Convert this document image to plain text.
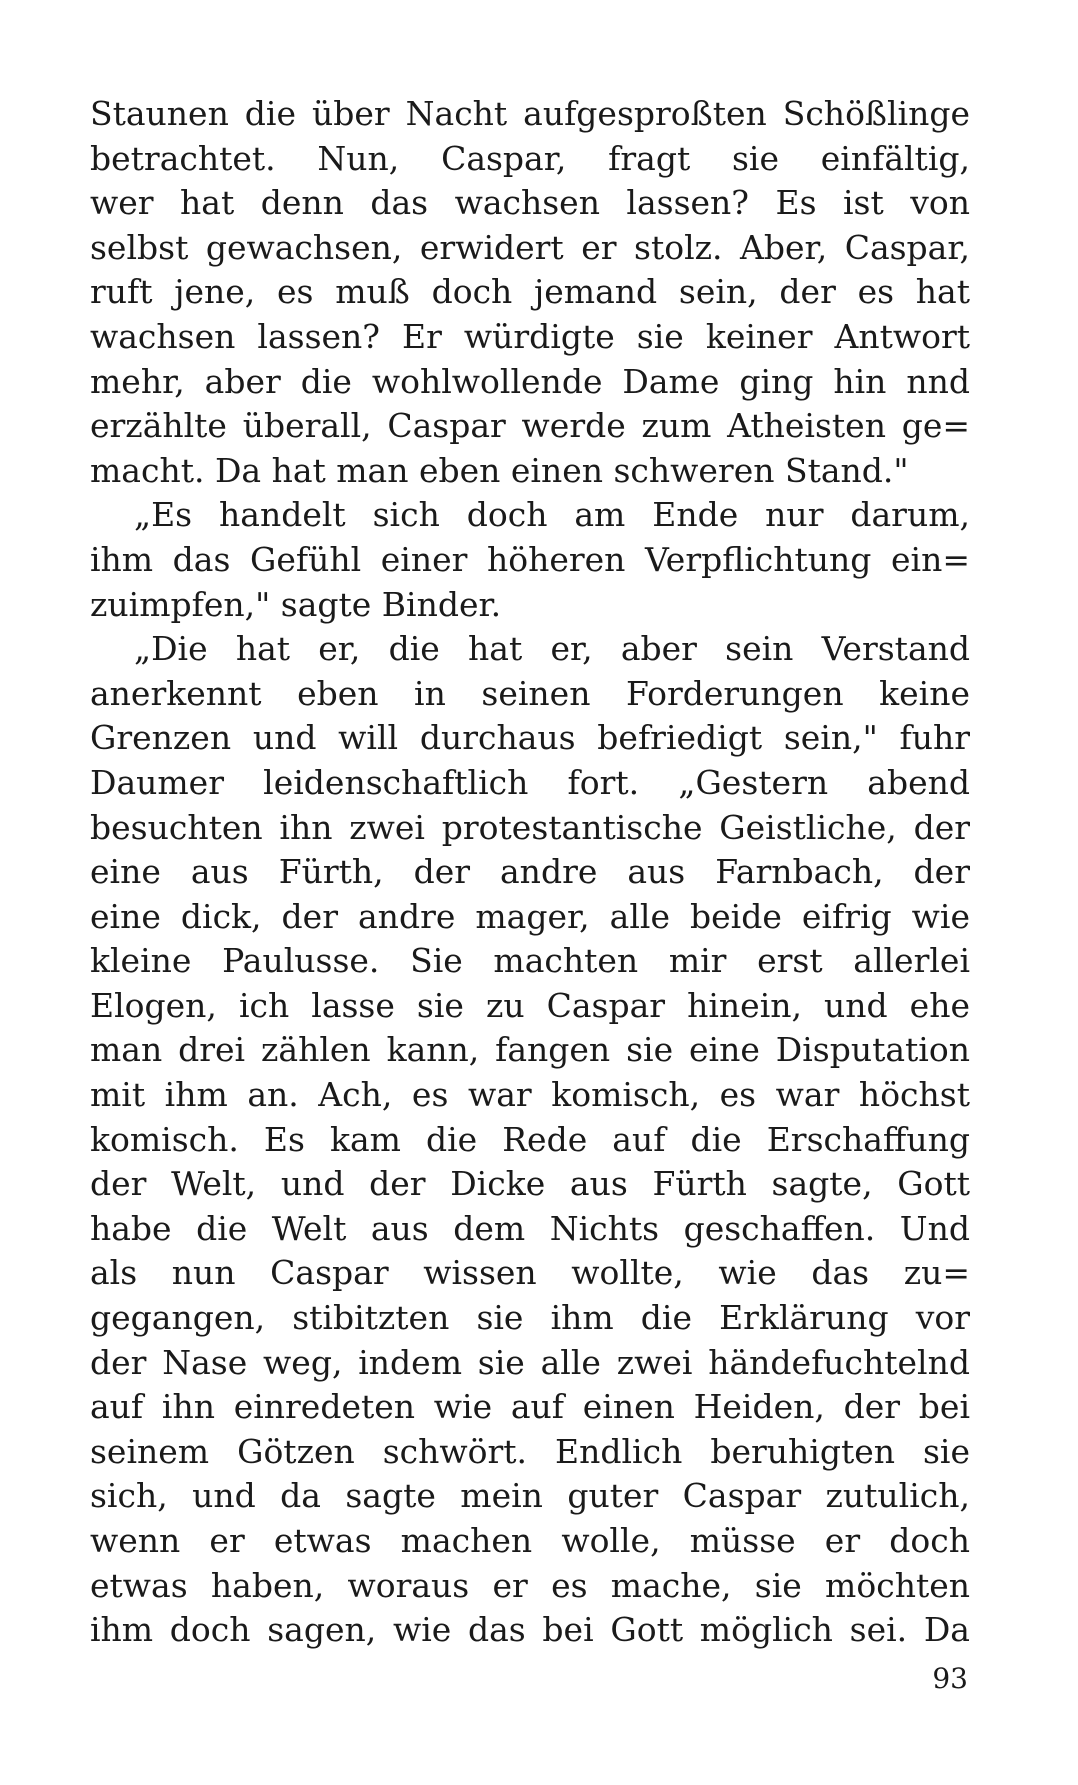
Staunen die über Nacht aufgesproßten Schößlinge
betrachtet. Nun, Caspar, fragt sie einfältig,
wer hat denn das wachsen lassen? Es ist von
selbst gewachsen, erwidert er stolz. Aber, Caspar,
ruft jene, es muß doch jemand sein, der es hat
wachsen lassen? Er würdigte sie keiner Antwort
mehr, aber die wohlwollende Dame ging hin nnd
erzählte überall, Caspar werde zum Atheisten ge=
macht. Da hat man eben einen schweren Stand."
„Es handelt sich doch am Ende nur darum,
ihm das Gefühl einer höheren Verpflichtung ein=
zuimpfen," sagte Binder.
„Die hat er, die hat er, aber sein Verstand
anerkennt eben in seinen Forderungen keine
Grenzen und will durchaus befriedigt sein," fuhr
Daumer leidenschaftlich fort. „Gestern abend
besuchten ihn zwei protestantische Geistliche, der
eine aus Fürth, der andre aus Farnbach, der
eine dick, der andre mager, alle beide eifrig wie
kleine Paulusse. Sie machten mir erst allerlei
Elogen, ich lasse sie zu Caspar hinein, und ehe
man drei zählen kann, fangen sie eine Disputation
mit ihm an. Ach, es war komisch, es war höchst
komisch. Es kam die Rede auf die Erschaffung
der Welt, und der Dicke aus Fürth sagte, Gott
habe die Welt aus dem Nichts geschaffen. Und
als nun Caspar wissen wollte, wie das zu=
gegangen, stibitzten sie ihm die Erklärung vor
der Nase weg, indem sie alle zwei händefuchtelnd
auf ihn einredeten wie auf einen Heiden, der bei
seinem Götzen schwört. Endlich beruhigten sie
sich, und da sagte mein guter Caspar zutulich,
wenn er etwas machen wolle, müsse er doch
etwas haben, woraus er es mache, sie möchten
ihm doch sagen, wie das bei Gott möglich sei. Da
93
